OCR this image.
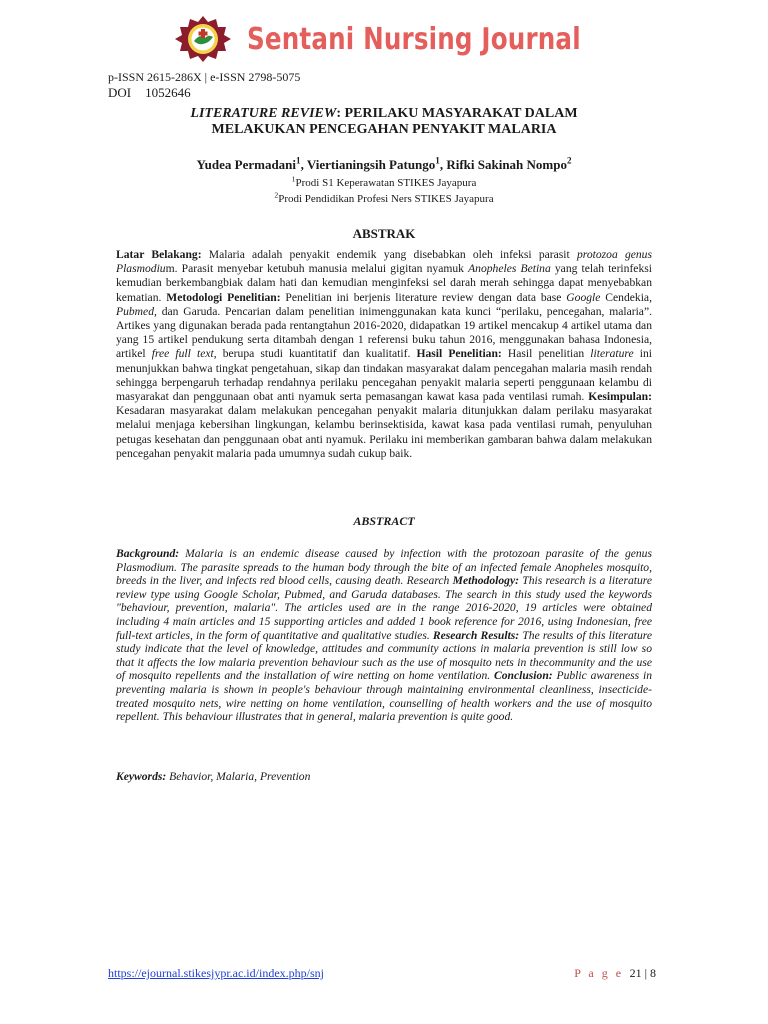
Sentani Nursing Journal
p-ISSN 2615-286X | e-ISSN 2798-5075
DOI 1052646
LITERATURE REVIEW: PERILAKU MASYARAKAT DALAM
MELAKUKAN PENCEGAHAN PENYAKIT MALARIA
Yudea Permadani$^1$, Viertianingsih Patungo$^1$, Rifki Sakinah Nompo$^2$
$^1$Prodi S1 Keperawatan STIKES Jayapura
$^2$Prodi Pendidikan Profesi Ners STIKES Jayapura
ABSTRAK

Latar Belakang: Malaria adalah penyakit endemik yang disebabkan oleh infeksi parasit protozoa genus Plasmodium. Parasit menyebar ketubuh manusia melalui gigitan nyamuk Anopheles Betina yang telah terinfeksi kemudian berkembangbiak dalam hati dan kemudian menginfeksi sel darah merah sehingga dapat menyebabkan kematian. Metodologi Penelitian: Penelitian ini berjenis literature review dengan data base Google Cendekia, Pubmed, dan Garuda. Pencarian dalam penelitian inimenggunakan kata kunci “perilaku, pencegahan, malaria”. Artikes yang digunakan berada pada rentangtahun 2016-2020, didapatkan 19 artikel mencakup 4 artikel utama dan yang 15 artikel pendukung serta ditambah dengan 1 referensi buku tahun 2016, menggunakan bahasa Indonesia, artikel free full text, berupa studi kuantitatif dan kualitatif. Hasil Penelitian: Hasil penelitian literature ini menunjukkan bahwa tingkat pengetahuan, sikap dan tindakan masyarakat dalam pencegahan malaria masih rendah sehingga berpengaruh terhadap rendahnya perilaku pencegahan penyakit malaria seperti penggunaan kelambu di masyarakat dan penggunaan obat anti nyamuk serta pemasangan kawat kasa pada ventilasi rumah. Kesimpulan: Kesadaran masyarakat dalam melakukan pencegahan penyakit malaria ditunjukkan dalam perilaku masyarakat melalui menjaga kebersihan lingkungan, kelambu berinsektisida, kawat kasa pada ventilasi rumah, penyuluhan petugas kesehatan dan penggunaan obat anti nyamuk. Perilaku ini memberikan gambaran bahwa dalam melakukan pencegahan penyakit malaria pada umumnya sudah cukup baik.

ABSTRACT

Background: Malaria is an endemic disease caused by infection with the protozoan parasite of the genus Plasmodium. The parasite spreads to the human body through the bite of an infected female Anopheles mosquito, breeds in the liver, and infects red blood cells, causing death. Research Methodology: This research is a literature review type using Google Scholar, Pubmed, and Garuda databases. The search in this study used the keywords "behaviour, prevention, malaria". The articles used are in the range 2016-2020, 19 articles were obtained including 4 main articles and 15 supporting articles and added 1 book reference for 2016, using Indonesian, free full-text articles, in the form of quantitative and qualitative studies. Research Results: The results of this literature study indicate that the level of knowledge, attitudes and community actions in malaria prevention is still low so that it affects the low malaria prevention behaviour such as the use of mosquito nets in thecommunity and the use of mosquito repellents and the installation of wire netting on home ventilation. Conclusion: Public awareness in preventing malaria is shown in people's behaviour through maintaining environmental cleanliness, insecticide-treated mosquito nets, wire netting on home ventilation, counselling of health workers and the use of mosquito repellent. This behaviour illustrates that in general, malaria prevention is quite good.

Keywords: Behavior, Malaria, Prevention

https://ejournal.stikesjypr.ac.id/index.php/snj	P a g e 21 | 8
